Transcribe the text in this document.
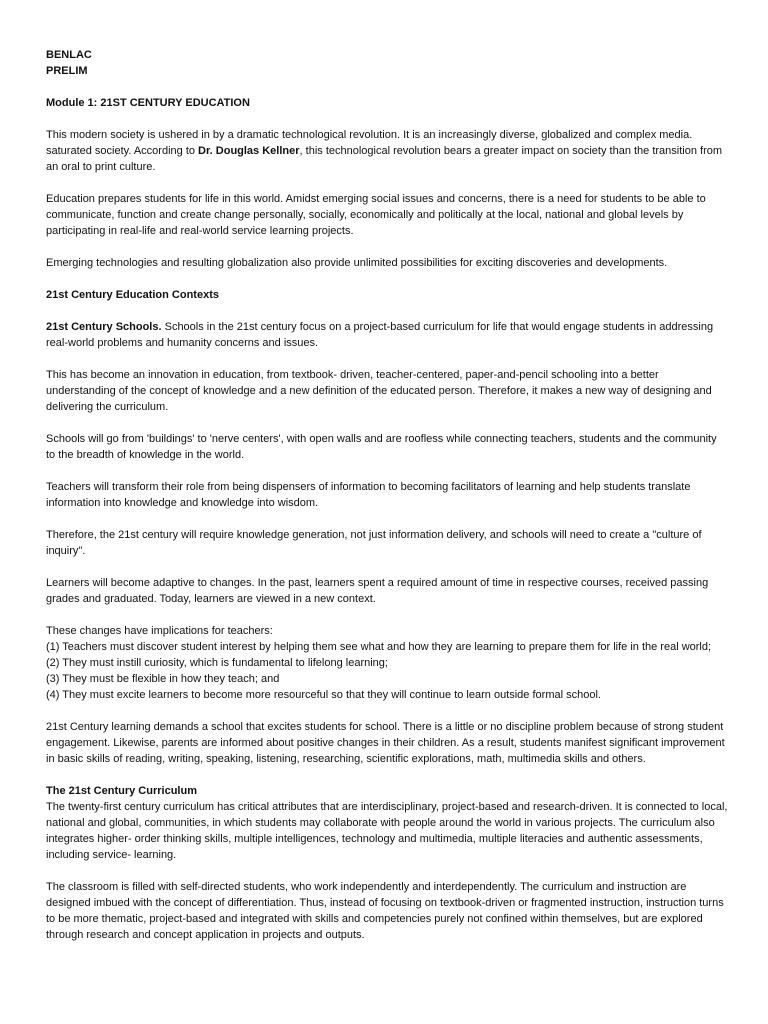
BENLAC

PRELIM

Module 1: 21ST CENTURY EDUCATION

This modern society is ushered in by a dramatic technological revolution. It is an increasingly diverse, globalized and complex media. saturated society. According to Dr. Douglas Kellner, this technological revolution bears a greater impact on society than the transition from an oral to print culture.

Education prepares students for life in this world. Amidst emerging social issues and concerns, there is a need for students to be able to communicate, function and create change personally, socially, economically and politically at the local, national and global levels by participating in real-life and real-world service learning projects.

Emerging technologies and resulting globalization also provide unlimited possibilities for exciting discoveries and developments.

21st Century Education Contexts

21st Century Schools. Schools in the 21st century focus on a project-based curriculum for life that would engage students in addressing real-world problems and humanity concerns and issues.

This has become an innovation in education, from textbook- driven, teacher-centered, paper-and-pencil schooling into a better understanding of the concept of knowledge and a new definition of the educated person. Therefore, it makes a new way of designing and delivering the curriculum.

Schools will go from 'buildings' to 'nerve centers', with open walls and are roofless while connecting teachers, students and the community to the breadth of knowledge in the world.

Teachers will transform their role from being dispensers of information to becoming facilitators of learning and help students translate information into knowledge and knowledge into wisdom.

Therefore, the 21st century will require knowledge generation, not just information delivery, and schools will need to create a "culture of inquiry".

Learners will become adaptive to changes. In the past, learners spent a required amount of time in respective courses, received passing grades and graduated. Today, learners are viewed in a new context.

These changes have implications for teachers:

(1) Teachers must discover student interest by helping them see what and how they are learning to prepare them for life in the real world;

(2) They must instill curiosity, which is fundamental to lifelong learning;

(3) They must be flexible in how they teach; and

(4) They must excite learners to become more resourceful so that they will continue to learn outside formal school.

21st Century learning demands a school that excites students for school. There is a little or no discipline problem because of strong student engagement. Likewise, parents are informed about positive changes in their children. As a result, students manifest significant improvement in basic skills of reading, writing, speaking, listening, researching, scientific explorations, math, multimedia skills and others.

The 21st Century Curriculum

The twenty-first century curriculum has critical attributes that are interdisciplinary, project-based and research-driven. It is connected to local, national and global, communities, in which students may collaborate with people around the world in various projects. The curriculum also integrates higher- order thinking skills, multiple intelligences, technology and multimedia, multiple literacies and authentic assessments, including service- learning.

The classroom is filled with self-directed students, who work independently and interdependently. The curriculum and instruction are designed imbued with the concept of differentiation. Thus, instead of focusing on textbook-driven or fragmented instruction, instruction turns to be more thematic, project-based and integrated with skills and competencies purely not confined within themselves, but are explored through research and concept application in projects and outputs.
